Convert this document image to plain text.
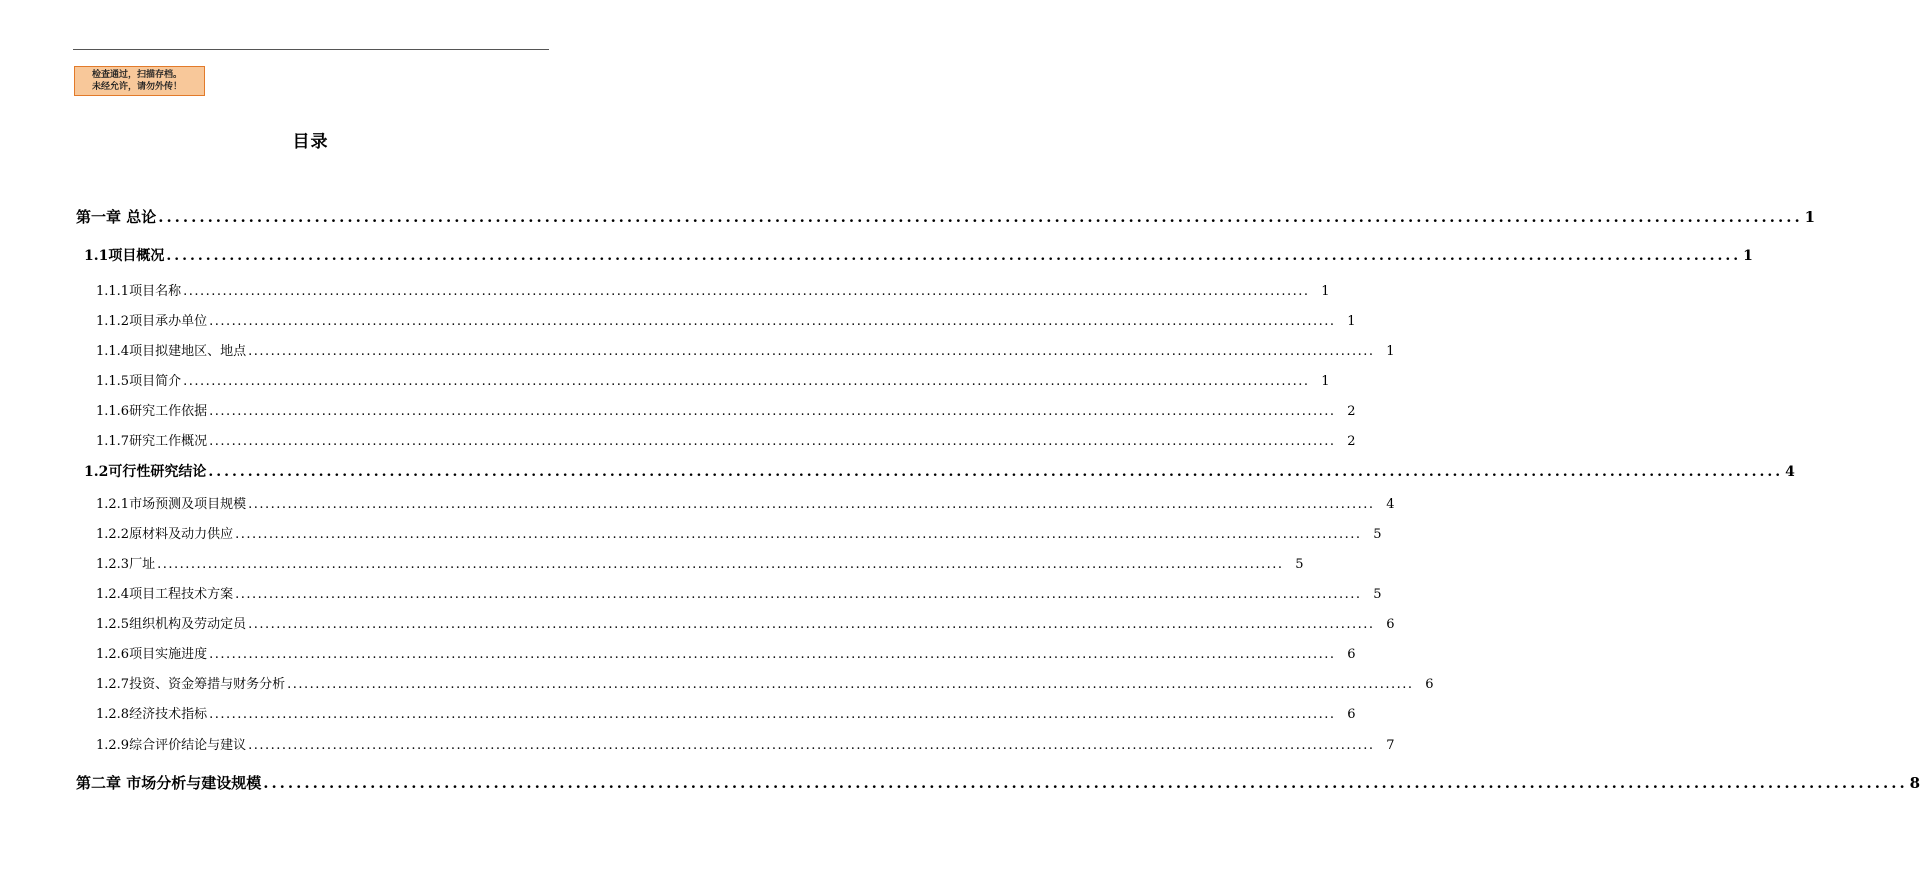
检查通过，扫描存档。
未经允许，请勿外传！
目录
第一章 总论 ........................................................................................................................................................................................................ 1
1.1项目概况 ........................................................................................................................................................................................................ 1
1.1.1项目名称 ........................................................................................................................................................................................................ 1
1.1.2项目承办单位 ........................................................................................................................................................................................................ 1
1.1.4项目拟建地区、地点 ........................................................................................................................................................................................................ 1
1.1.5项目简介 ........................................................................................................................................................................................................ 1
1.1.6研究工作依据 ........................................................................................................................................................................................................ 2
1.1.7研究工作概况 ........................................................................................................................................................................................................ 2
1.2可行性研究结论 ........................................................................................................................................................................................................ 4
1.2.1市场预测及项目规模 ........................................................................................................................................................................................................ 4
1.2.2原材料及动力供应 ........................................................................................................................................................................................................ 5
1.2.3厂址 ........................................................................................................................................................................................................ 5
1.2.4项目工程技术方案 ........................................................................................................................................................................................................ 5
1.2.5组织机构及劳动定员 ........................................................................................................................................................................................................ 6
1.2.6项目实施进度 ........................................................................................................................................................................................................ 6
1.2.7投资、资金筹措与财务分析 ........................................................................................................................................................................................................ 6
1.2.8经济技术指标 ........................................................................................................................................................................................................ 6
1.2.9综合评价结论与建议 ........................................................................................................................................................................................................ 7
第二章 市场分析与建设规模 ........................................................................................................................................................................................................ 8
